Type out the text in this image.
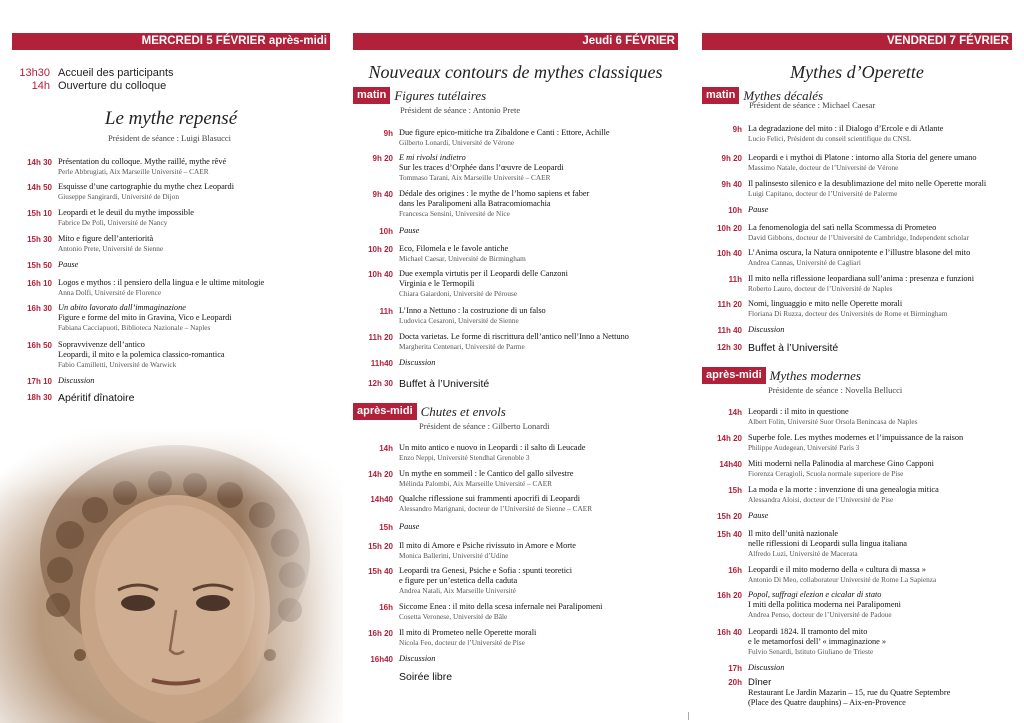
MERCREDI 5 FÉVRIER après-midi
13h30 Accueil des participants
14h Ouverture du colloque
Le mythe repensé
Président de séance : Luigi Blasucci
14h 30 Présentation du colloque. Mythe raillé, mythe rêvé
Perle Abbrugiati, Aix Marseille Université – CAER
14h 50 Esquisse d’une cartographie du mythe chez Leopardi
Giuseppe Sangirardi, Université de Dijon
15h 10 Leopardi et le deuil du mythe impossible
Fabrice De Poli, Université de Nancy
15h 30 Mito e figure dell’anteriorità
Antonio Prete, Université de Sienne
15h 50 Pause
16h 10 Logos e mythos : il pensiero della lingua e le ultime mitologie
Anna Dolfi, Université de Florence
16h 30 Un abito lavorato dall’immaginazione
Figure e forme del mito in Gravina, Vico e Leopardi
Fabiana Cacciapuoti, Biblioteca Nazionale – Naples
16h 50 Sopravvivenze dell’antico
Leopardi, il mito e la polemica classico-romantica
Fabio Camilletti, Université de Warwick
17h 10 Discussion
18h 30 Apéritif dînatoire
Jeudi 6 FÉVRIER
Nouveaux contours de mythes classiques
matin Figures tutélaires
Président de séance : Antonio Prete
9h Due figure epico-mitiche tra Zibaldone e Canti : Ettore, Achille
Gilberto Lonardi, Université de Vérone
9h 20 E mi rivolsi indietro
Sur les traces d’Orphée dans l’œuvre de Leopardi
Tommaso Tarani, Aix Marseille Université – CAER
9h 40 Dédale des origines : le mythe de l’homo sapiens et faber
dans les Paralipomeni alla Batracomiomachia
Francesca Sensini, Université de Nice
10h Pause
10h 20 Eco, Filomela e le favole antiche
Michael Caesar, Université de Birmingham
10h 40 Due exempla virtutis per il Leopardi delle Canzoni
Virginia e le Termopili
Chiara Gaiardoni, Université de Pérouse
11h L’Inno a Nettuno : la costruzione di un falso
Ludovica Cesaroni, Université de Sienne
11h 20 Docta varietas. Le forme di riscrittura dell’antico nell’Inno a Nettuno
Margherita Centenari, Université de Parme
11h40 Discussion
12h 30 Buffet à l’Université
après-midi Chutes et envols
Président de séance : Gilberto Lonardi
14h Un mito antico e nuovo in Leopardi : il salto di Leucade
Enzo Neppi, Université Stendhal Grenoble 3
14h 20 Un mythe en sommeil : le Cantico del gallo silvestre
Mélinda Palombi, Aix Marseille Université – CAER
14h40 Qualche riflessione sui frammenti apocrifi di Leopardi
Alessandro Marignani, docteur de l’Université de Sienne – CAER
15h Pause
15h 20 Il mito di Amore e Psiche rivissuto in Amore e Morte
Monica Ballerini, Université d’Udine
15h 40 Leopardi tra Genesi, Psiche e Sofia : spunti teoretici
e figure per un’estetica della caduta
Andrea Natali, Aix Marseille Université
16h Siccome Enea : il mito della scesa infernale nei Paralipomeni
Cosetta Veronese, Université de Bâle
16h 20 Il mito di Prometeo nelle Operette morali
Nicola Feo, docteur de l’Université de Pise
16h40 Discussion
Soirée libre
VENDREDI 7 FÉVRIER
Mythes d’Operette
matin Mythes décalés
Président de séance : Michael Caesar
9h La degradazione del mito : il Dialogo d’Ercole e di Atlante
Lucio Felici, Président du conseil scientifique du CNSL
9h 20 Leopardi e i mythoi di Platone : intorno alla Storia del genere umano
Massimo Natale, docteur de l’Université de Vérone
9h 40 Il palinsesto silenico e la desublimazione del mito nelle Operette morali
Luigi Capitano, docteur de l’Université de Palerme
10h Pause
10h 20 La fenomenologia del satì nella Scommessa di Prometeo
David Gibbons, docteur de l’Université de Cambridge, Independent scholar
10h 40 L’Anima oscura, la Natura onnipotente e l’illustre blasone del mito
Andrea Cannas, Université de Cagliari
11h Il mito nella riflessione leopardiana sull’anima : presenza e funzioni
Roberto Lauro, docteur de l’Université de Naples
11h 20 Nomi, linguaggio e mito nelle Operette morali
Floriana Di Ruzza, docteur des Universités de Rome et Birmingham
11h 40 Discussion
12h 30 Buffet à l’Université
après-midi Mythes modernes
Présidente de séance : Novella Bellucci
14h Leopardi : il mito in questione
Albert Folin, Université Suor Orsola Benincasa de Naples
14h 20 Superbe fole. Les mythes modernes et l’impuissance de la raison
Philippe Audegean, Université Paris 3
14h40 Miti moderni nella Palinodia al marchese Gino Capponi
Fiorenza Ceragioli, Scuola normale superiore de Pise
15h La moda e la morte : invenzione di una genealogia mitica
Alessandra Aloisi, docteur de l’Université de Pise
15h 20 Pause
15h 40 Il mito dell’unità nazionale
nelle riflessioni di Leopardi sulla lingua italiana
Alfredo Luzi, Université de Macerata
16h Leopardi e il mito moderno della « cultura di massa »
Antonio Di Meo, collaborateur Université de Rome La Sapienza
16h 20 Popol, suffragi elezion e cicalar di stato
I miti della politica moderna nei Paralipomeni
Andrea Penso, docteur de l’Université de Padoue
16h 40 Leopardi 1824. Il tramonto del mito
e le metamorfosi dell’ « immaginazione »
Fulvio Senardi, Istituto Giuliano de Trieste
17h Discussion
20h Dîner
Restaurant Le Jardin Mazarin – 15, rue du Quatre Septembre
(Place des Quatre dauphins) – Aix-en-Provence
